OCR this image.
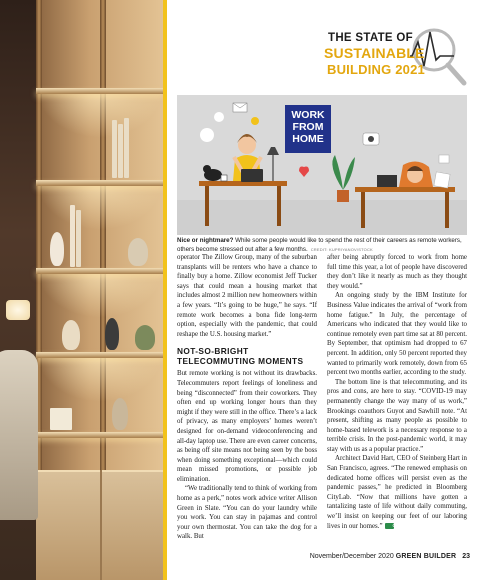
THE STATE OF
SUSTAINABLE
BUILDING 2021
WORK
FROM
HOME
Nice or nightmare? While some people would like to spend the rest of their careers as remote workers, others become stressed out after a few months. CREDIT: KUPRIYANOV/STOCK

operator The Zillow Group, many of the suburban transplants will be renters who have a chance to finally buy a home. Zillow economist Jeff Tucker says that could mean a housing market that includes almost 2 million new homeowners within a few years. “It’s going to be huge,” he says. “If remote work becomes a bona fide long-term option, especially with the pandemic, that could reshape the U.S. housing market.”

NOT-SO-BRIGHT TELECOMMUTING MOMENTS

But remote working is not without its drawbacks. Telecommuters report feelings of loneliness and being “disconnected” from their coworkers. They often end up working longer hours than they might if they were still in the office. There’s a lack of privacy, as many employers’ homes weren’t designed for on-demand videoconferencing and all-day laptop use. There are even career concerns, as being off site means not being seen by the boss when doing something exceptional—which could mean missed promotions, or possible job elimination.

“We traditionally tend to think of working from home as a perk,” notes work advice writer Allison Green in Slate. “You can do your laundry while you work. You can stay in pajamas and control your own thermostat. You can take the dog for a walk. But

after being abruptly forced to work from home full time this year, a lot of people have discovered they don’t like it nearly as much as they thought they would.”

An ongoing study by the IBM Institute for Business Value indicates the arrival of “work from home fatigue.” In July, the percentage of Americans who indicated that they would like to continue remotely even part time sat at 80 percent. By September, that optimism had dropped to 67 percent. In addition, only 50 percent reported they wanted to primarily work remotely, down from 65 percent two months earlier, according to the study.

The bottom line is that telecommuting, and its pros and cons, are here to stay. “COVID-19 may permanently change the way many of us work,” Brookings coauthors Guyot and Sawhill note. “At present, shifting as many people as possible to home-based telework is a necessary response to a terrible crisis. In the post-pandemic world, it may stay with us as a popular practice.”

Architect David Hart, CEO of Steinberg Hart in San Francisco, agrees. “The renewed emphasis on dedicated home offices will persist even as the pandemic passes,” he predicted in Bloomberg CityLab. “Now that millions have gotten a tantalizing taste of life without daily commuting, we’ll insist on keeping our feet of our laboring lives in our homes.” GB

November/December 2020 GREEN BUILDER 23
